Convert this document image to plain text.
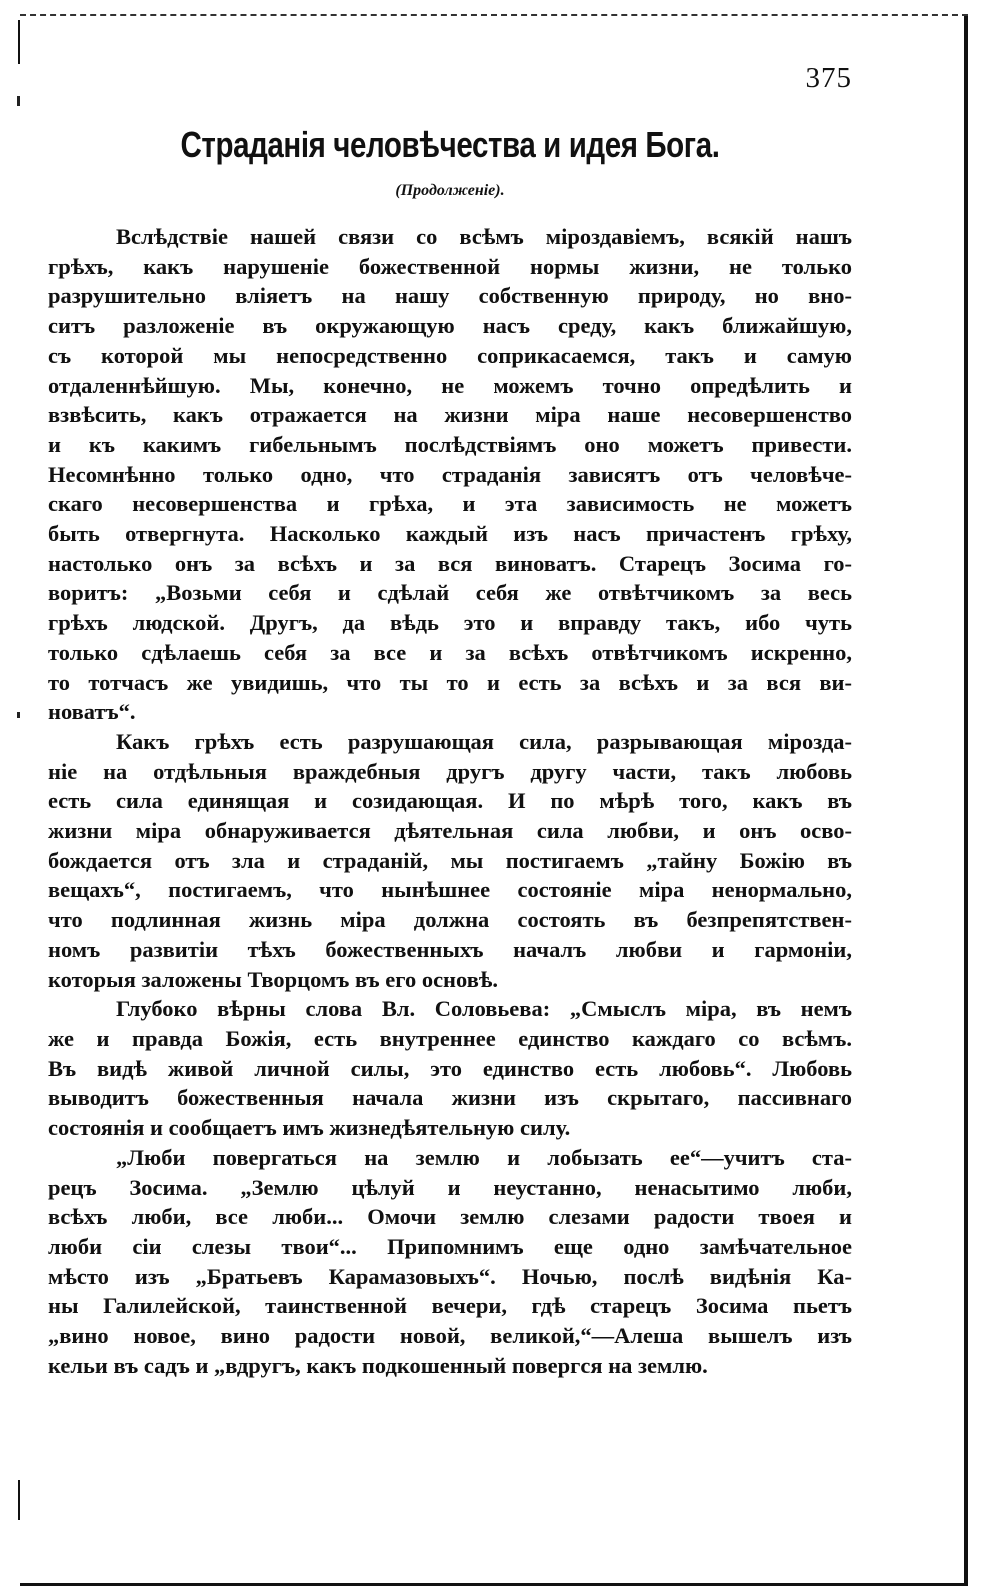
375
Страданія человѣчества и идея Бога.
(Продолженіе).
Вслѣдствіе нашей связи со всѣмъ міроздавіемъ, всякій нашъ
грѣхъ, какъ нарушеніе божественной нормы жизни, не только
разрушительно вліяетъ на нашу собственную природу, но вно-
ситъ разложеніе въ окружающую насъ среду, какъ ближайшую,
съ которой мы непосредственно соприкасаемся, такъ и самую
отдаленнѣйшую. Мы, конечно, не можемъ точно опредѣлить и
взвѣсить, какъ отражается на жизни міра наше несовершенство
и къ какимъ гибельнымъ послѣдствіямъ оно можетъ привести.
Несомнѣнно только одно, что страданія зависятъ отъ человѣче-
скаго несовершенства и грѣха, и эта зависимость не можетъ
быть отвергнута. Насколько каждый изъ насъ причастенъ грѣху,
настолько онъ за всѣхъ и за вся виноватъ. Старецъ Зосима го-
воритъ: „Возьми себя и сдѣлай себя же отвѣтчикомъ за весь
грѣхъ людской. Другъ, да вѣдь это и вправду такъ, ибо чуть
только сдѣлаешь себя за все и за всѣхъ отвѣтчикомъ искренно,
то тотчасъ же увидишь, что ты то и есть за всѣхъ и за вся ви-
новатъ“.
Какъ грѣхъ есть разрушающая сила, разрывающая мірозда-
ніе на отдѣльныя враждебныя другъ другу части, такъ любовь
есть сила единящая и созидающая. И по мѣрѣ того, какъ въ
жизни міра обнаруживается дѣятельная сила любви, и онъ осво-
бождается отъ зла и страданій, мы постигаемъ „тайну Божію въ
вещахъ“, постигаемъ, что нынѣшнее состояніе міра ненормально,
что подлинная жизнь міра должна состоять въ безпрепятствен-
номъ развитіи тѣхъ божественныхъ началъ любви и гармоніи,
которыя заложены Творцомъ въ его основѣ.
Глубоко вѣрны слова Вл. Соловьева: „Смыслъ міра, въ немъ
же и правда Божія, есть внутреннее единство каждаго со всѣмъ.
Въ видѣ живой личной силы, это единство есть любовь“. Любовь
выводитъ божественныя начала жизни изъ скрытаго, пассивнаго
состоянія и сообщаетъ имъ жизнедѣятельную силу.
„Люби повергаться на землю и лобызать ее“—учитъ ста-
рецъ Зосима. „Землю цѣлуй и неустанно, ненасытимо люби,
всѣхъ люби, все люби... Омочи землю слезами радости твоея и
люби сіи слезы твои“... Припомнимъ еще одно замѣчательное
мѣсто изъ „Братьевъ Карамазовыхъ“. Ночью, послѣ видѣнія Ка-
ны Галилейской, таинственной вечери, гдѣ старецъ Зосима пьетъ
„вино новое, вино радости новой, великой,“—Алеша вышелъ изъ
кельи въ садъ и „вдругъ, какъ подкошенный повергся на землю.
